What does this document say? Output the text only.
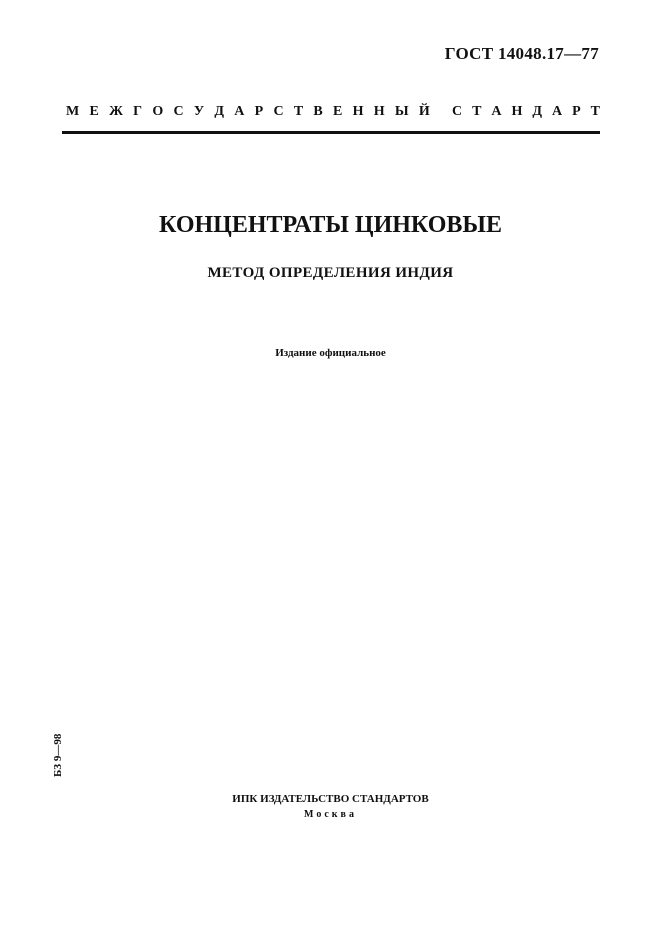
ГОСТ 14048.17—77
М Е Ж Г О С У Д А Р С Т В Е Н Н Ы Й С Т А Н Д А Р Т
КОНЦЕНТРАТЫ ЦИНКОВЫЕ
МЕТОД ОПРЕДЕЛЕНИЯ ИНДИЯ
Издание официальное
БЗ 9—98
ИПК ИЗДАТЕЛЬСТВО СТАНДАРТОВ
Москва
